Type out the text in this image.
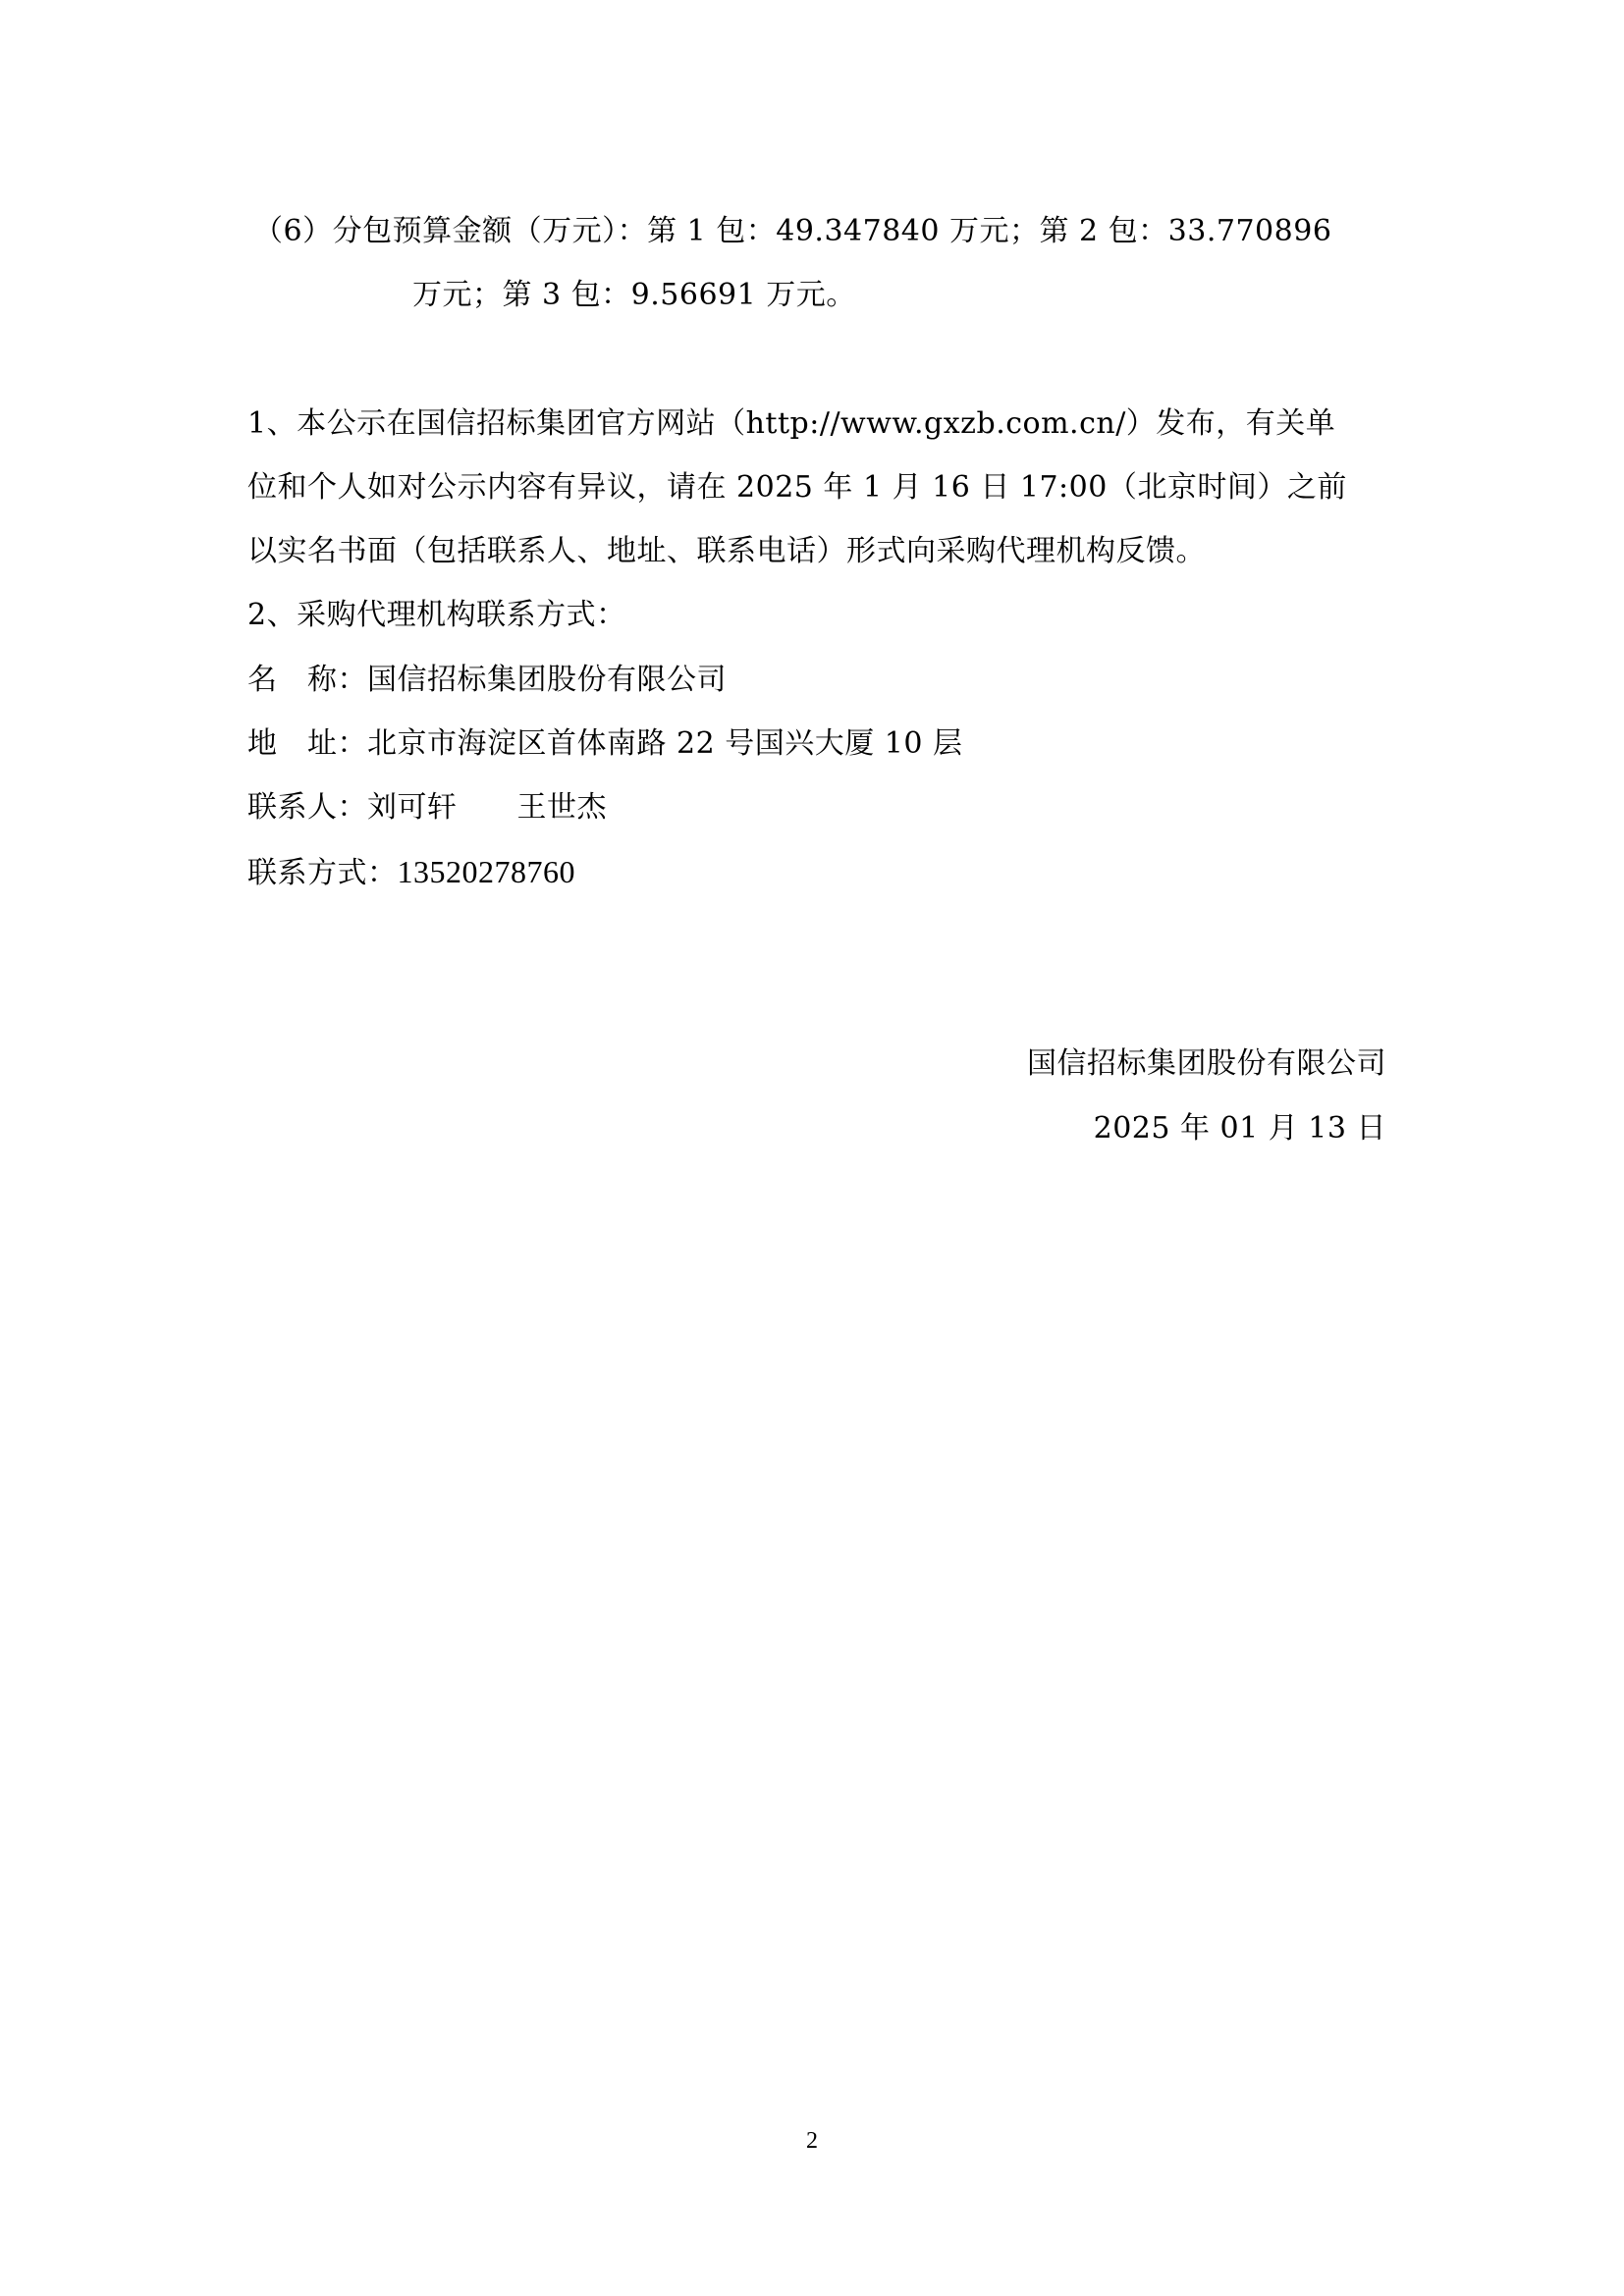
（6）分包预算金额（万元）：第 1 包：49.347840 万元；第 2 包：33.770896
万元；第 3 包：9.56691 万元。
1、本公示在国信招标集团官方网站（http://www.gxzb.com.cn/）发布，有关单
位和个人如对公示内容有异议，请在 2025 年 1 月 16 日 17:00（北京时间）之前
以实名书面（包括联系人、地址、联系电话）形式向采购代理机构反馈。
2、采购代理机构联系方式：
名　称：国信招标集团股份有限公司
地　址：北京市海淀区首体南路 22 号国兴大厦 10 层
联系人：刘可轩　　王世杰
联系方式：13520278760
国信招标集团股份有限公司
2025 年 01 月 13 日
2
